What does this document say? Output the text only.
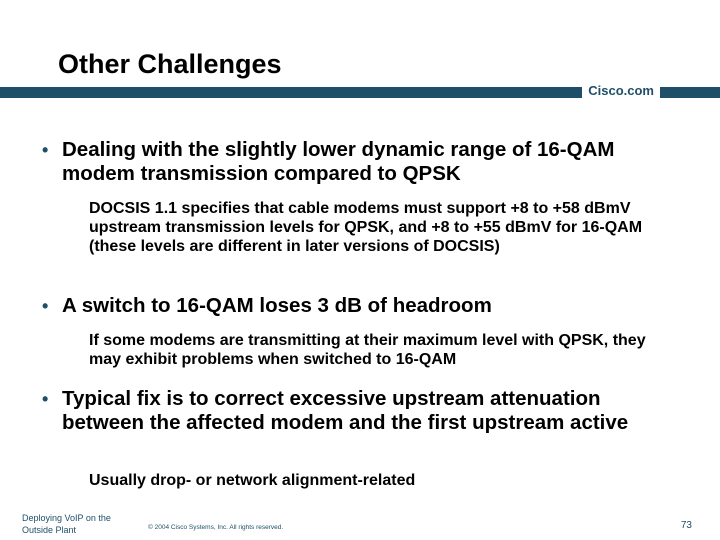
Other Challenges
Cisco.com
• Dealing with the slightly lower dynamic range of 16-QAM modem transmission compared to QPSK
DOCSIS 1.1 specifies that cable modems must support +8 to +58 dBmV upstream transmission levels for QPSK, and +8 to +55 dBmV for 16-QAM (these levels are different in later versions of DOCSIS)
• A switch to 16-QAM loses 3 dB of headroom
If some modems are transmitting at their maximum level with QPSK, they may exhibit problems when switched to 16-QAM
• Typical fix is to correct excessive upstream attenuation between the affected modem and the first upstream active
Usually drop- or network alignment-related
Deploying VoIP on the Outside Plant	© 2004 Cisco Systems, Inc. All rights reserved.	73
